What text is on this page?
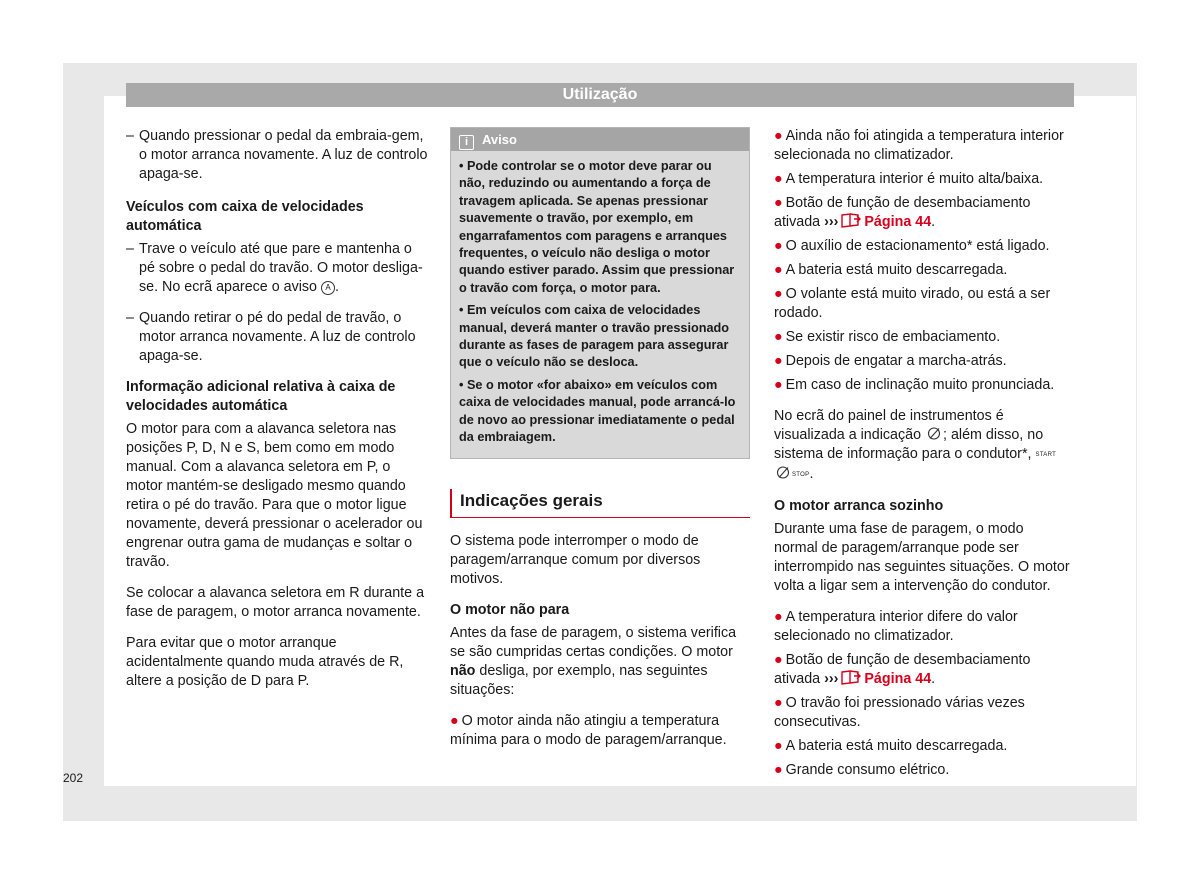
Utilização
– Quando pressionar o pedal da embraia-gem, o motor arranca novamente. A luz de controlo apaga-se.
Veículos com caixa de velocidades automática
– Trave o veículo até que pare e mantenha o pé sobre o pedal do travão. O motor desliga-se. No ecrã aparece o aviso A .
– Quando retirar o pé do pedal de travão, o motor arranca novamente. A luz de controlo apaga-se.
Informação adicional relativa à caixa de velocidades automática

O motor para com a alavanca seletora nas posições P, D, N e S, bem como em modo manual. Com a alavanca seletora em P, o motor mantém-se desligado mesmo quando retira o pé do travão. Para que o motor ligue novamente, deverá pressionar o acelerador ou engrenar outra gama de mudanças e soltar o travão.

Se colocar a alavanca seletora em R durante a fase de paragem, o motor arranca novamente.

Para evitar que o motor arranque acidentalmente quando muda através de R, altere a posição de D para P.

i Aviso

• Pode controlar se o motor deve parar ou não, reduzindo ou aumentando a força de travagem aplicada. Se apenas pressionar suavemente o travão, por exemplo, em engarrafamentos com paragens e arranques frequentes, o veículo não desliga o motor quando estiver parado. Assim que pressionar o travão com força, o motor para.

• Em veículos com caixa de velocidades manual, deverá manter o travão pressionado durante as fases de paragem para assegurar que o veículo não se desloca.

• Se o motor «for abaixo» em veículos com caixa de velocidades manual, pode arrancá-lo de novo ao pressionar imediatamente o pedal da embraiagem.

Indicações gerais

O sistema pode interromper o modo de paragem/arranque comum por diversos motivos.

O motor não para

Antes da fase de paragem, o sistema verifica se são cumpridas certas condições. O motor não desliga, por exemplo, nas seguintes situações:

● O motor ainda não atingiu a temperatura mínima para o modo de paragem/arranque.
● Ainda não foi atingida a temperatura interior selecionada no climatizador.
● A temperatura interior é muito alta/baixa.
● Botão de função de desembaciamento ativada ››› Página 44.
● O auxílio de estacionamento* está ligado.
● A bateria está muito descarregada.
● O volante está muito virado, ou está a ser rodado.
● Se existir risco de embaciamento.
● Depois de engatar a marcha-atrás.
● Em caso de inclinação muito pronunciada.

No ecrã do painel de instrumentos é visualizada a indicação ; além disso, no sistema de informação para o condutor*, STARTSTOP.

O motor arranca sozinho

Durante uma fase de paragem, o modo normal de paragem/arranque pode ser interrompido nas seguintes situações. O motor volta a ligar sem a intervenção do condutor.

● A temperatura interior difere do valor selecionado no climatizador.
● Botão de função de desembaciamento ativada ››› Página 44.
● O travão foi pressionado várias vezes consecutivas.
● A bateria está muito descarregada.
● Grande consumo elétrico.
202
